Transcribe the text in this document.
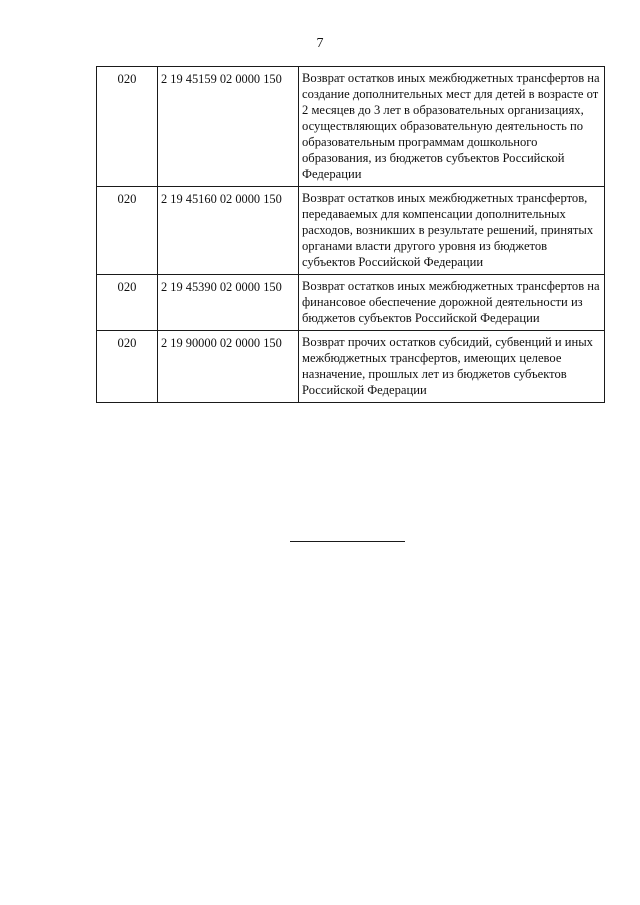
7
020	2 19 45159 02 0000 150	Возврат остатков иных межбюджетных трансфертов на создание дополнительных мест для детей в возрасте от 2 месяцев до 3 лет в образовательных организациях, осуществляющих образовательную деятельность по образовательным программам дошкольного образования, из бюджетов субъектов Российской Федерации
020	2 19 45160 02 0000 150	Возврат остатков иных межбюджетных трансфертов, передаваемых для компенсации дополнительных расходов, возникших в результате решений, принятых органами власти другого уровня из бюджетов субъектов Российской Федерации
020	2 19 45390 02 0000 150	Возврат остатков иных межбюджетных трансфертов на финансовое обеспечение дорожной деятельности из бюджетов субъектов Российской Федерации
020	2 19 90000 02 0000 150	Возврат прочих остатков субсидий, субвенций и иных межбюджетных трансфертов, имеющих целевое назначение, прошлых лет из бюджетов субъектов Российской Федерации
